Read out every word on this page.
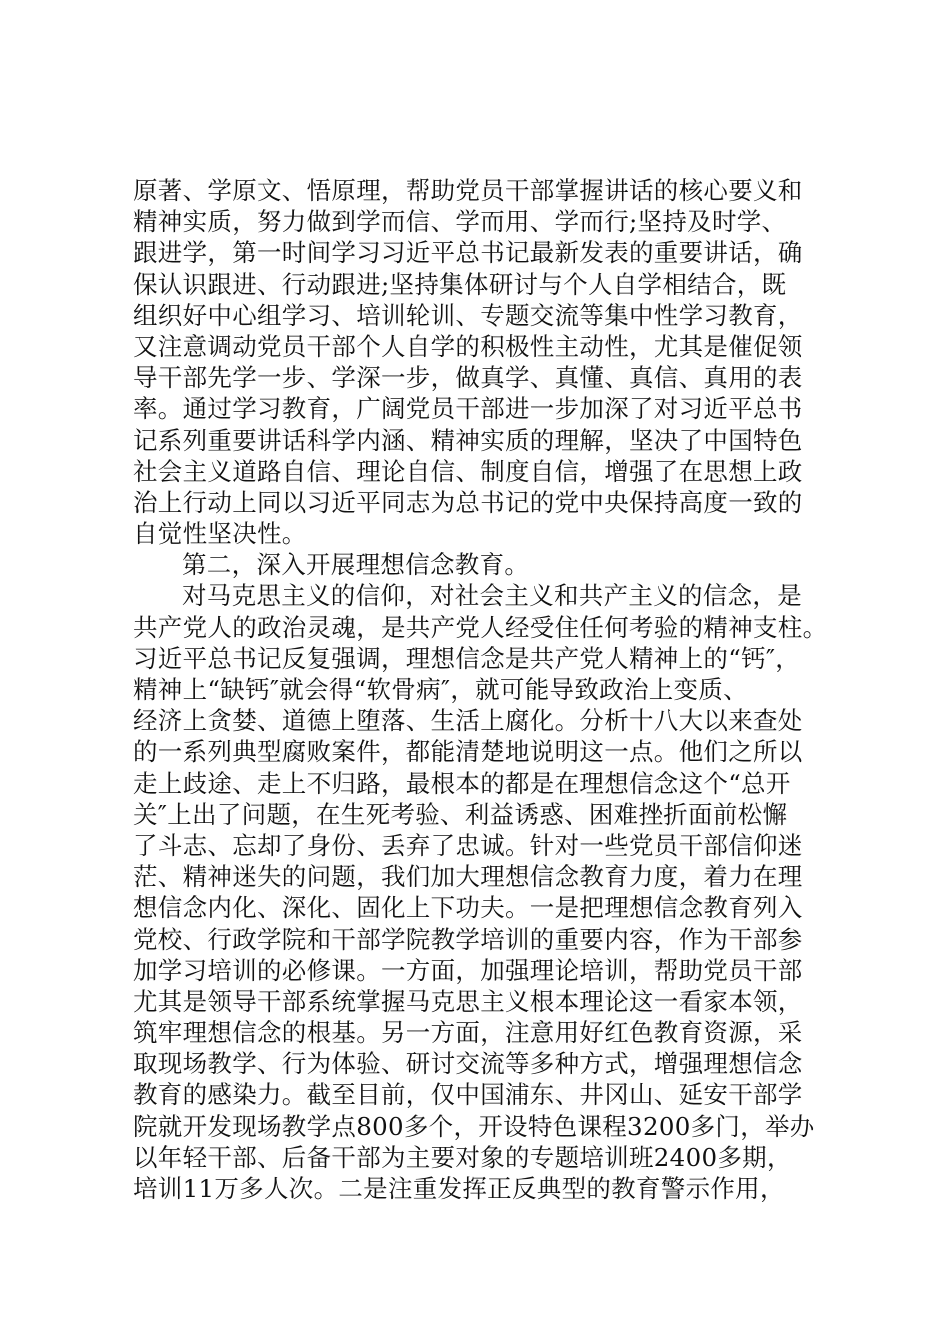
原著、学原文、悟原理，帮助党员干部掌握讲话的核心要义和
精神实质，努力做到学而信、学而用、学而行;坚持及时学、
跟进学，第一时间学习习近平总书记最新发表的重要讲话，确
保认识跟进、行动跟进;坚持集体研讨与个人自学相结合，既
组织好中心组学习、培训轮训、专题交流等集中性学习教育，
又注意调动党员干部个人自学的积极性主动性，尤其是催促领
导干部先学一步、学深一步，做真学、真懂、真信、真用的表
率。通过学习教育，广阔党员干部进一步加深了对习近平总书
记系列重要讲话科学内涵、精神实质的理解，坚决了中国特色
社会主义道路自信、理论自信、制度自信，增强了在思想上政
治上行动上同以习近平同志为总书记的党中央保持高度一致的
自觉性坚决性。
第二，深入开展理想信念教育。
对马克思主义的信仰，对社会主义和共产主义的信念，是
共产党人的政治灵魂，是共产党人经受住任何考验的精神支柱。
习近平总书记反复强调，理想信念是共产党人精神上的“钙″，
精神上“缺钙″就会得“软骨病″，就可能导致政治上变质、
经济上贪婪、道德上堕落、生活上腐化。分析十八大以来查处
的一系列典型腐败案件，都能清楚地说明这一点。他们之所以
走上歧途、走上不归路，最根本的都是在理想信念这个“总开
关″上出了问题，在生死考验、利益诱惑、困难挫折面前松懈
了斗志、忘却了身份、丢弃了忠诚。针对一些党员干部信仰迷
茫、精神迷失的问题，我们加大理想信念教育力度，着力在理
想信念内化、深化、固化上下功夫。一是把理想信念教育列入
党校、行政学院和干部学院教学培训的重要内容，作为干部参
加学习培训的必修课。一方面，加强理论培训，帮助党员干部
尤其是领导干部系统掌握马克思主义根本理论这一看家本领，
筑牢理想信念的根基。另一方面，注意用好红色教育资源，采
取现场教学、行为体验、研讨交流等多种方式，增强理想信念
教育的感染力。截至目前，仅中国浦东、井冈山、延安干部学
院就开发现场教学点800多个，开设特色课程3200多门，举办
以年轻干部、后备干部为主要对象的专题培训班2400多期，
培训11万多人次。二是注重发挥正反典型的教育警示作用，
